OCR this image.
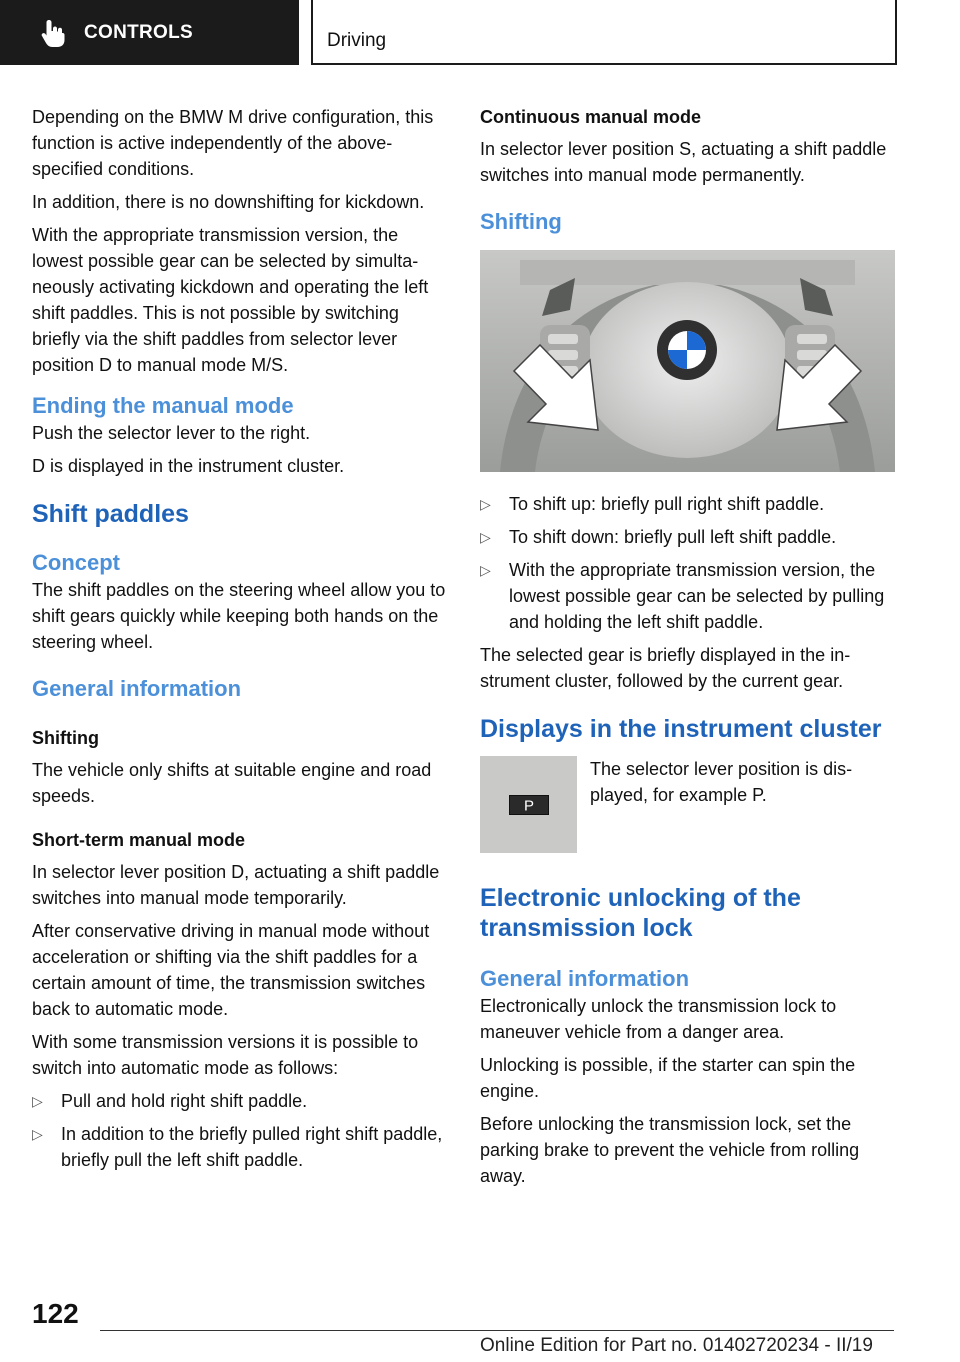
CONTROLS	Driving

Depending on the BMW M drive configuration, this function is active independently of the above-specified conditions.

In addition, there is no downshifting for kickdown.

With the appropriate transmission version, the lowest possible gear can be selected by simultaneously activating kickdown and operating the left shift paddles. This is not possible by switching briefly via the shift paddles from selector lever position D to manual mode M/S.

Ending the manual mode

Push the selector lever to the right.

D is displayed in the instrument cluster.

Shift paddles
Concept

The shift paddles on the steering wheel allow you to shift gears quickly while keeping both hands on the steering wheel.

General information
Shifting

The vehicle only shifts at suitable engine and road speeds.

Short-term manual mode

In selector lever position D, actuating a shift paddle switches into manual mode temporarily.

After conservative driving in manual mode without acceleration or shifting via the shift paddles for a certain amount of time, the transmission switches back to automatic mode.

With some transmission versions it is possible to switch into automatic mode as follows:

▷ Pull and hold right shift paddle.
▷ In addition to the briefly pulled right shift paddle, briefly pull the left shift paddle.
Continuous manual mode

In selector lever position S, actuating a shift paddle switches into manual mode permanently.

Shifting
▷ To shift up: briefly pull right shift paddle.
▷ To shift down: briefly pull left shift paddle.
▷ With the appropriate transmission version, the lowest possible gear can be selected by pulling and holding the left shift paddle.

The selected gear is briefly displayed in the instrument cluster, followed by the current gear.

Displays in the instrument cluster
P

The selector lever position is displayed, for example P.

Electronic unlocking of the transmission lock
General information

Electronically unlock the transmission lock to maneuver vehicle from a danger area.

Unlocking is possible, if the starter can spin the engine.

Before unlocking the transmission lock, set the parking brake to prevent the vehicle from rolling away.

122
Online Edition for Part no. 01402720234 - II/19
